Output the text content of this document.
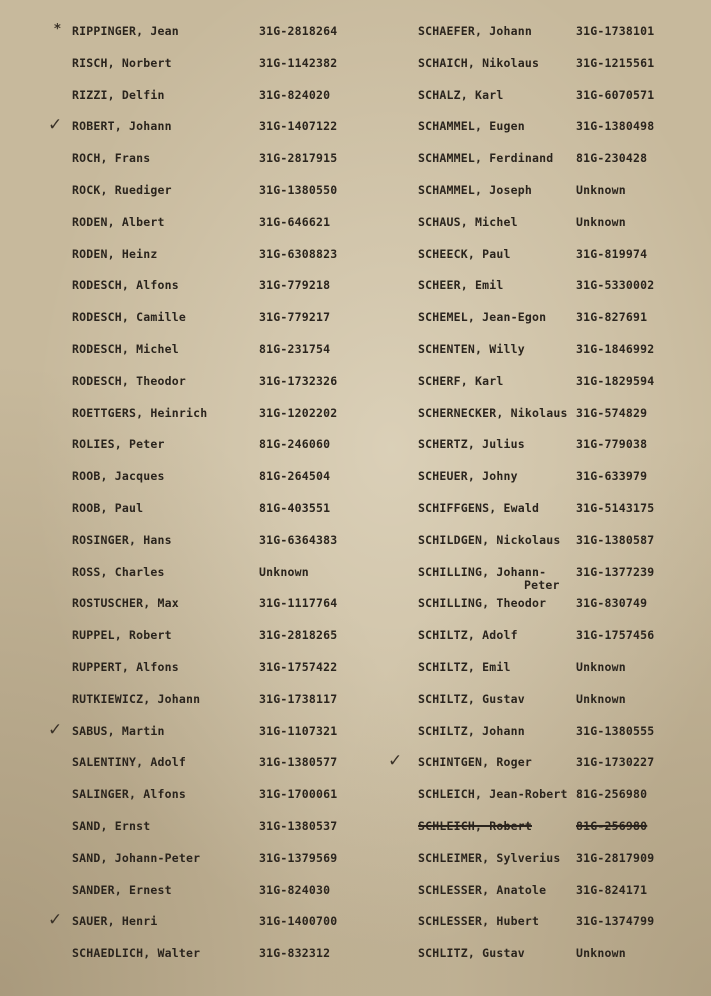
* RIPPINGER, Jean	31G-2818264
RISCH, Norbert	31G-1142382
RIZZI, Delfin	31G-824020
✓ ROBERT, Johann	31G-1407122
ROCH, Frans	31G-2817915
ROCK, Ruediger	31G-1380550
RODEN, Albert	31G-646621
RODEN, Heinz	31G-6308823
RODESCH, Alfons	31G-779218
RODESCH, Camille	31G-779217
RODESCH, Michel	81G-231754
RODESCH, Theodor	31G-1732326
ROETTGERS, Heinrich	31G-1202202
ROLIES, Peter	81G-246060
ROOB, Jacques	81G-264504
ROOB, Paul	81G-403551
ROSINGER, Hans	31G-6364383
ROSS, Charles	Unknown
ROSTUSCHER, Max	31G-1117764
RUPPEL, Robert	31G-2818265
RUPPERT, Alfons	31G-1757422
RUTKIEWICZ, Johann	31G-1738117
✓ SABUS, Martin	31G-1107321
SALENTINY, Adolf	31G-1380577
SALINGER, Alfons	31G-1700061
SAND, Ernst	31G-1380537
SAND, Johann-Peter	31G-1379569
SANDER, Ernest	31G-824030
✓ SAUER, Henri	31G-1400700
SCHAEDLICH, Walter	31G-832312
SCHAEFER, Johann	31G-1738101
SCHAICH, Nikolaus	31G-1215561
SCHALZ, Karl	31G-6070571
SCHAMMEL, Eugen	31G-1380498
SCHAMMEL, Ferdinand 81G-230428
SCHAMMEL, Joseph	Unknown
SCHAUS, Michel	Unknown
SCHEECK, Paul	31G-819974
SCHEER, Emil	31G-5330002
SCHEMEL, Jean-Egon	31G-827691
SCHENTEN, Willy	31G-1846992
SCHERF, Karl	31G-1829594
SCHERNECKER, Nikolaus 31G-574829
SCHERTZ, Julius	31G-779038
SCHEUER, Johny	31G-633979
SCHIFFGENS, Ewald	31G-5143175
SCHILDGEN, Nickolaus 31G-1380587
SCHILLING, Johann-
Peter
31G-1377239
SCHILLING, Theodor	31G-830749
SCHILTZ, Adolf	31G-1757456
SCHILTZ, Emil	Unknown
SCHILTZ, Gustav	Unknown
SCHILTZ, Johann	31G-1380555
✓ SCHINTGEN, Roger	31G-1730227
SCHLEICH, Jean-Robert 81G-256980
SCHLEICH, Robert	81G-256980
SCHLEIMER, Sylverius 31G-2817909
SCHLESSER, Anatole	31G-824171
SCHLESSER, Hubert	31G-1374799
SCHLITZ, Gustav	Unknown
